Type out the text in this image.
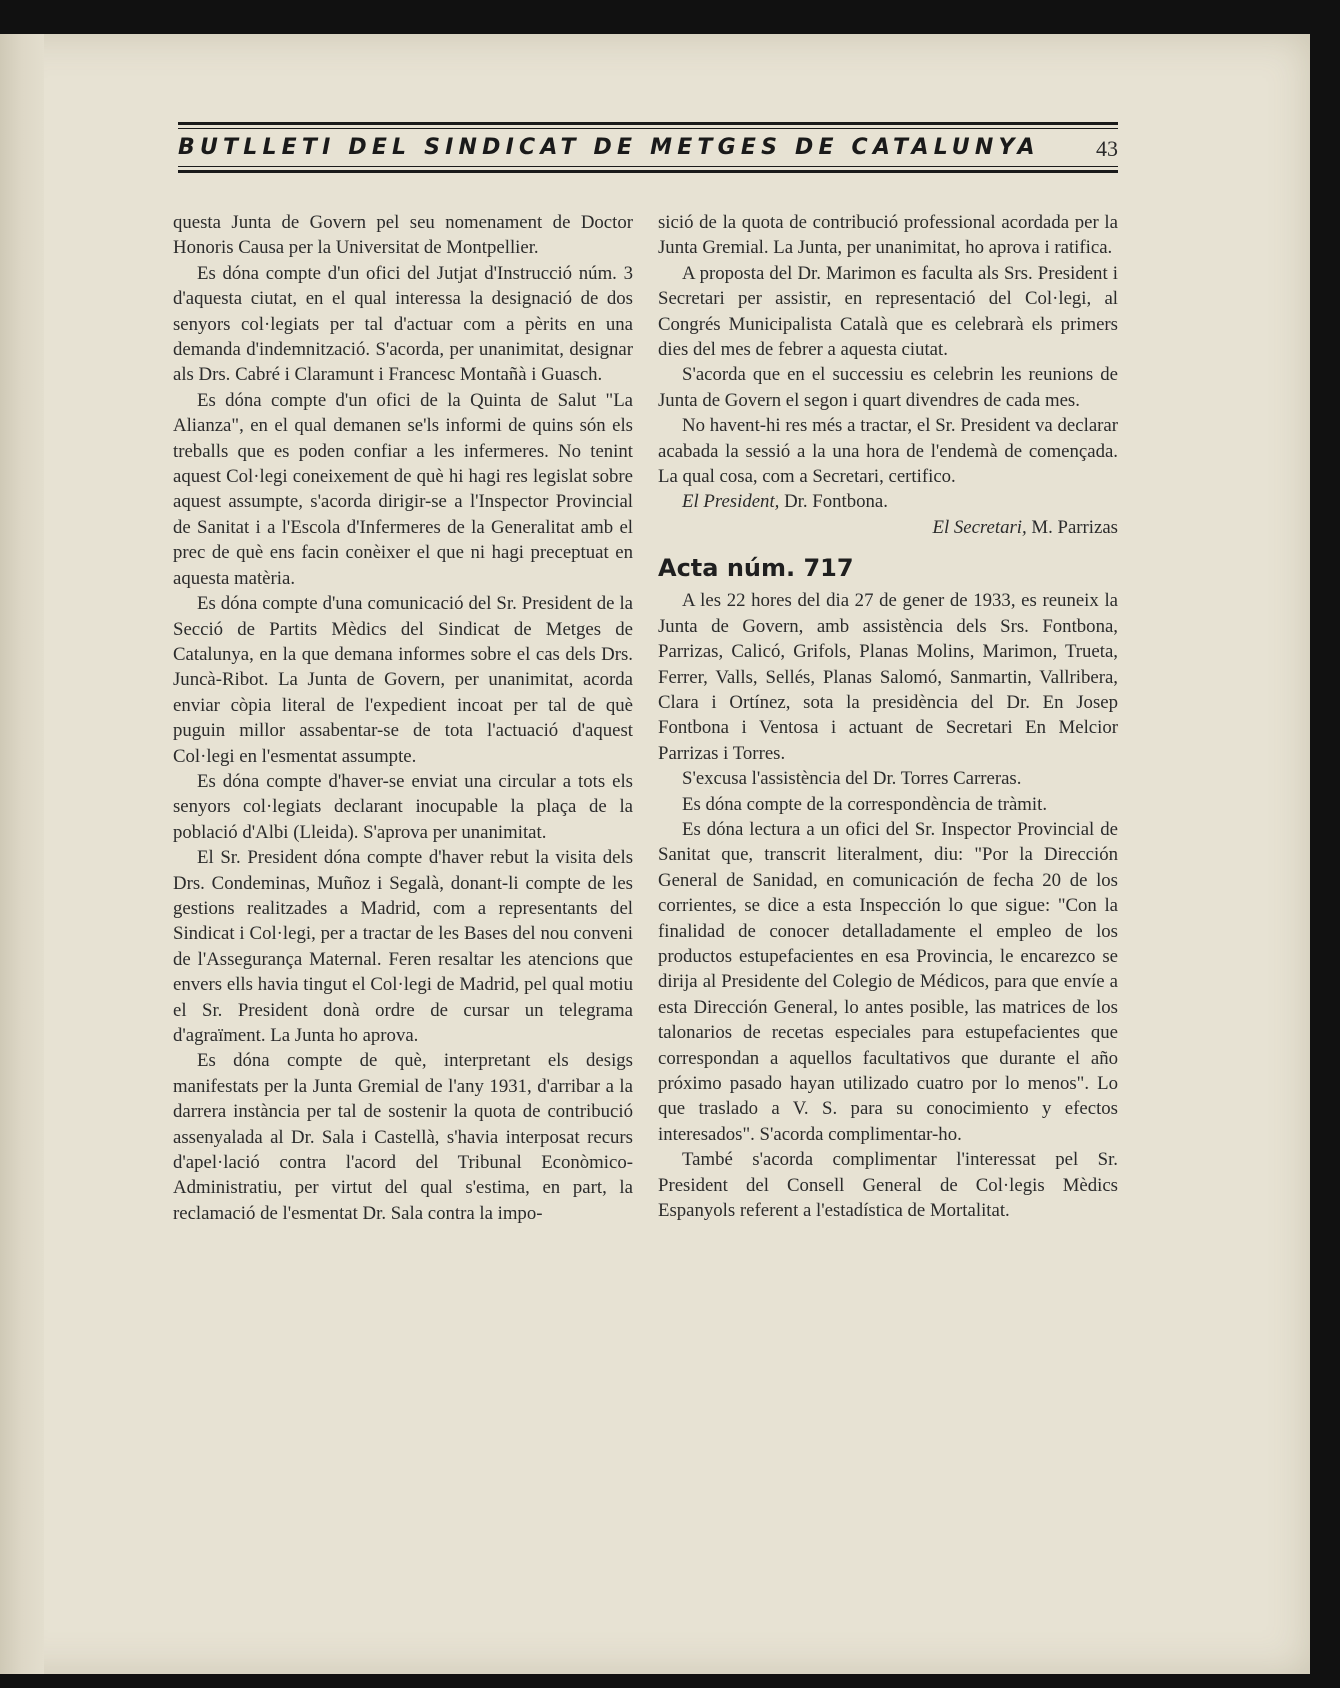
BUTLLETI DEL SINDICAT DE METGES DE CATALUNYA	43

questa Junta de Govern pel seu nomenament de Doctor Honoris Causa per la Universitat de Montpellier.

Es dóna compte d'un ofici del Jutjat d'Instrucció núm. 3 d'aquesta ciutat, en el qual interessa la designació de dos senyors col·legiats per tal d'actuar com a pèrits en una demanda d'indemnització. S'acorda, per unanimitat, designar als Drs. Cabré i Claramunt i Francesc Montañà i Guasch.

Es dóna compte d'un ofici de la Quinta de Salut "La Alianza", en el qual demanen se'ls informi de quins són els treballs que es poden confiar a les infermeres. No tenint aquest Col·legi coneixement de què hi hagi res legislat sobre aquest assumpte, s'acorda dirigir-se a l'Inspector Provincial de Sanitat i a l'Escola d'Infermeres de la Generalitat amb el prec de què ens facin conèixer el que ni hagi preceptuat en aquesta matèria.

Es dóna compte d'una comunicació del Sr. President de la Secció de Partits Mèdics del Sindicat de Metges de Catalunya, en la que demana informes sobre el cas dels Drs. Juncà-Ribot. La Junta de Govern, per unanimitat, acorda enviar còpia literal de l'expedient incoat per tal de què puguin millor assabentar-se de tota l'actuació d'aquest Col·legi en l'esmentat assumpte.

Es dóna compte d'haver-se enviat una circular a tots els senyors col·legiats declarant inocupable la plaça de la població d'Albi (Lleida). S'aprova per unanimitat.

El Sr. President dóna compte d'haver rebut la visita dels Drs. Condeminas, Muñoz i Segalà, donant-li compte de les gestions realitzades a Madrid, com a representants del Sindicat i Col·legi, per a tractar de les Bases del nou conveni de l'Assegurança Maternal. Feren resaltar les atencions que envers ells havia tingut el Col·legi de Madrid, pel qual motiu el Sr. President donà ordre de cursar un telegrama d'agraïment. La Junta ho aprova.

Es dóna compte de què, interpretant els desigs manifestats per la Junta Gremial de l'any 1931, d'arribar a la darrera instància per tal de sostenir la quota de contribució assenyalada al Dr. Sala i Castellà, s'havia interposat recurs d'apel·lació contra l'acord del Tribunal Econòmico-Administratiu, per virtut del qual s'estima, en part, la reclamació de l'esmentat Dr. Sala contra la impo-

sició de la quota de contribució professional acordada per la Junta Gremial. La Junta, per unanimitat, ho aprova i ratifica.

A proposta del Dr. Marimon es faculta als Srs. President i Secretari per assistir, en representació del Col·legi, al Congrés Municipalista Català que es celebrarà els primers dies del mes de febrer a aquesta ciutat.

S'acorda que en el successiu es celebrin les reunions de Junta de Govern el segon i quart divendres de cada mes.

No havent-hi res més a tractar, el Sr. President va declarar acabada la sessió a la una hora de l'endemà de començada. La qual cosa, com a Secretari, certifico.

El President, Dr. Fontbona.

El Secretari, M. Parrizas

Acta núm. 717

A les 22 hores del dia 27 de gener de 1933, es reuneix la Junta de Govern, amb assistència dels Srs. Fontbona, Parrizas, Calicó, Grifols, Planas Molins, Marimon, Trueta, Ferrer, Valls, Sellés, Planas Salomó, Sanmartin, Vallribera, Clara i Ortínez, sota la presidència del Dr. En Josep Fontbona i Ventosa i actuant de Secretari En Melcior Parrizas i Torres.

S'excusa l'assistència del Dr. Torres Carreras.

Es dóna compte de la correspondència de tràmit.

Es dóna lectura a un ofici del Sr. Inspector Provincial de Sanitat que, transcrit literalment, diu: "Por la Dirección General de Sanidad, en comunicación de fecha 20 de los corrientes, se dice a esta Inspección lo que sigue: "Con la finalidad de conocer detalladamente el empleo de los productos estupefacientes en esa Provincia, le encarezco se dirija al Presidente del Colegio de Médicos, para que envíe a esta Dirección General, lo antes posible, las matrices de los talonarios de recetas especiales para estupefacientes que correspondan a aquellos facultativos que durante el año próximo pasado hayan utilizado cuatro por lo menos". Lo que traslado a V. S. para su conocimiento y efectos interesados". S'acorda complimentar-ho.

També s'acorda complimentar l'interessat pel Sr. President del Consell General de Col·legis Mèdics Espanyols referent a l'estadística de Mortalitat.
